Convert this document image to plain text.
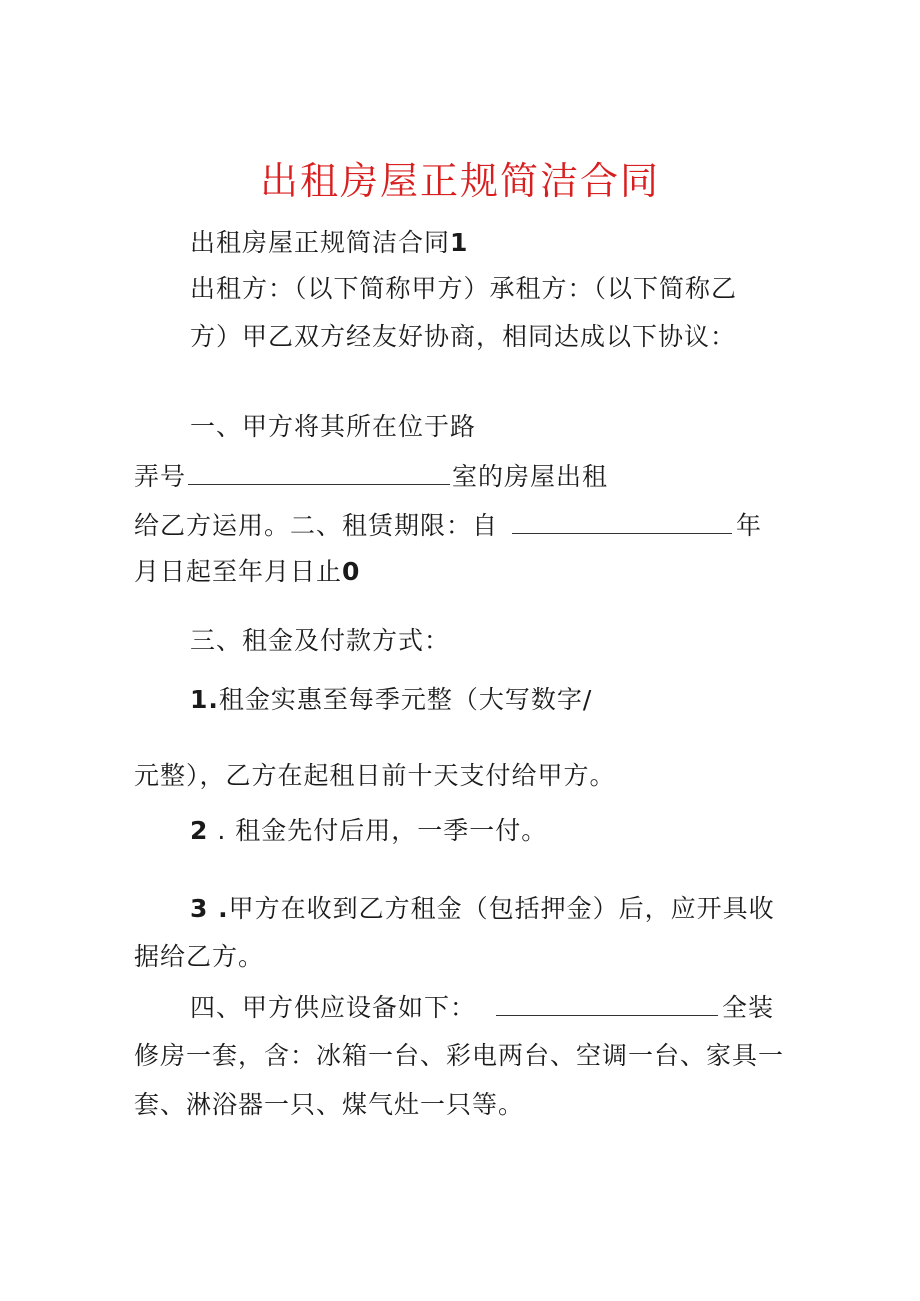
出租房屋正规简洁合同
出租房屋正规简洁合同1
出租方：（以下简称甲方）承租方：（以下简称乙
方）甲乙双方经友好协商，相同达成以下协议：
一、甲方将其所在位于路
弄号	室的房屋出租
给乙方运用。二、租赁期限：自	年
月日起至年月日止0
三、租金及付款方式：
1.租金实惠至每季元整（大写数字/
元整），乙方在起租日前十天支付给甲方。
2 . 租金先付后用，一季一付。
3 .甲方在收到乙方租金（包括押金）后，应开具收
据给乙方。
四、甲方供应设备如下：	全装
修房一套，含：冰箱一台、彩电两台、空调一台、家具一
套、淋浴器一只、煤气灶一只等。
